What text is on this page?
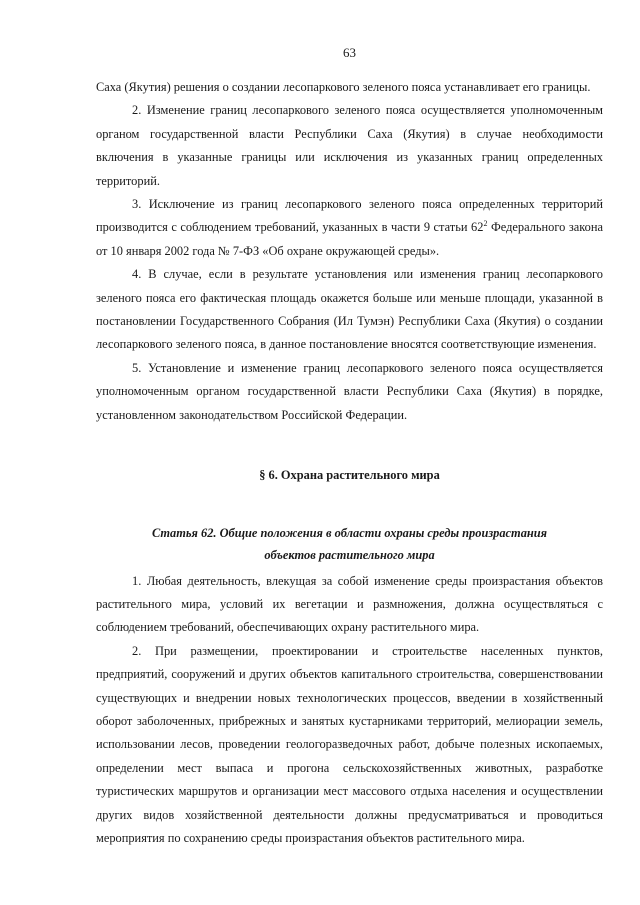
63

Саха (Якутия) решения о создании лесопаркового зеленого пояса устанавливает его границы.

2. Изменение границ лесопаркового зеленого пояса осуществляется уполномоченным органом государственной власти Республики Саха (Якутия) в случае необходимости включения в указанные границы или исключения из указанных границ определенных территорий.

3. Исключение из границ лесопаркового зеленого пояса определенных территорий производится с соблюдением требований, указанных в части 9 статьи $62^2$ Федерального закона от 10 января 2002 года № 7-ФЗ «Об охране окружающей среды».

4. В случае, если в результате установления или изменения границ лесопаркового зеленого пояса его фактическая площадь окажется больше или меньше площади, указанной в постановлении Государственного Собрания (Ил Тумэн) Республики Саха (Якутия) о создании лесопаркового зеленого пояса, в данное постановление вносятся соответствующие изменения.

5. Установление и изменение границ лесопаркового зеленого пояса осуществляется уполномоченным органом государственной власти Республики Саха (Якутия) в порядке, установленном законодательством Российской Федерации.

§ 6. Охрана растительного мира
Статья 62. Общие положения в области охраны среды произрастания
объектов растительного мира

1. Любая деятельность, влекущая за собой изменение среды произрастания объектов растительного мира, условий их вегетации и размножения, должна осуществляться с соблюдением требований, обеспечивающих охрану растительного мира.

2. При размещении, проектировании и строительстве населенных пунктов, предприятий, сооружений и других объектов капитального строительства, совершенствовании существующих и внедрении новых технологических процессов, введении в хозяйственный оборот заболоченных, прибрежных и занятых кустарниками территорий, мелиорации земель, использовании лесов, проведении геологоразведочных работ, добыче полезных ископаемых, определении мест выпаса и прогона сельскохозяйственных животных, разработке туристических маршрутов и организации мест массового отдыха населения и осуществлении других видов хозяйственной деятельности должны предусматриваться и проводиться мероприятия по сохранению среды произрастания объектов растительного мира.
